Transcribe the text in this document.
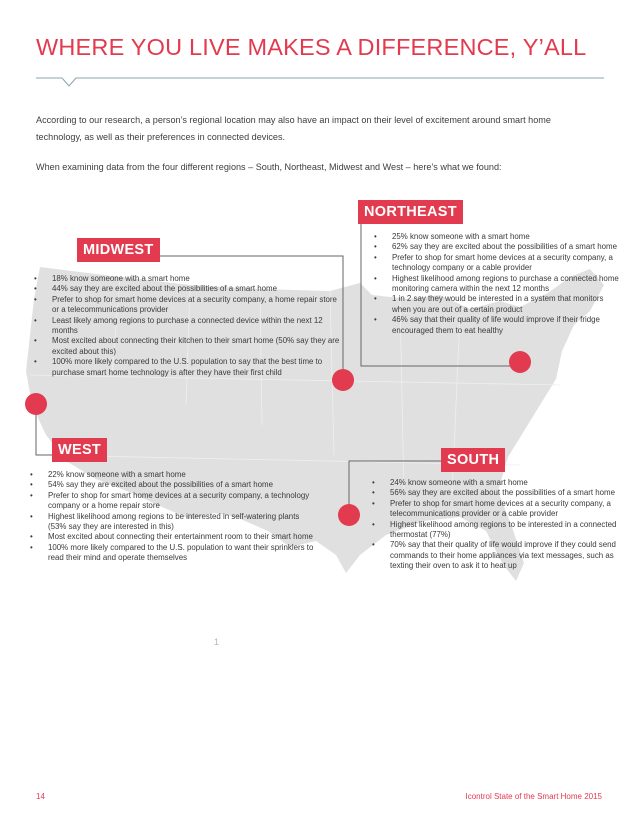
WHERE YOU LIVE MAKES A DIFFERENCE, Y’ALL

According to our research, a person’s regional location may also have an impact on their level of excitement around smart home technology, as well as their preferences in connected devices.

When examining data from the four different regions – South, Northeast, Midwest and West – here’s what we found:

1
NORTHEAST
• 25% know someone with a smart home
• 62% say they are excited about the possibilities of a smart home
• Prefer to shop for smart home devices at a security company, a technology company or a cable provider
• Highest likelihood among regions to purchase a connected home monitoring camera within the next 12 months
• 1 in 2 say they would be interested in a system that monitors when you are out of a certain product
• 46% say that their quality of life would improve if their fridge encouraged them to eat healthy
MIDWEST
• 18% know someone with a smart home
• 44% say they are excited about the possibilities of a smart home
• Prefer to shop for smart home devices at a security company, a home repair store or a telecommunications provider
• Least likely among regions to purchase a connected device within the next 12 months
• Most excited about connecting their kitchen to their smart home (50% say they are excited about this)
• 100% more likely compared to the U.S. population to say that the best time to purchase smart home technology is after they have their first child
WEST
• 22% know someone with a smart home
• 54% say they are excited about the possibilities of a smart home
• Prefer to shop for smart home devices at a security company, a technology company or a home repair store
• Highest likelihood among regions to be interested in self-watering plants (53% say they are interested in this)
• Most excited about connecting their entertainment room to their smart home
• 100% more likely compared to the U.S. population to want their sprinklers to read their mind and operate themselves
SOUTH
• 24% know someone with a smart home
• 56% say they are excited about the possibilities of a smart home
• Prefer to shop for smart home devices at a security company, a telecommunications provider or a cable provider
• Highest likelihood among regions to be interested in a connected thermostat (77%)
• 70% say that their quality of life would improve if they could send commands to their home appliances via text messages, such as texting their oven to ask it to heat up
14	Icontrol State of the Smart Home 2015
